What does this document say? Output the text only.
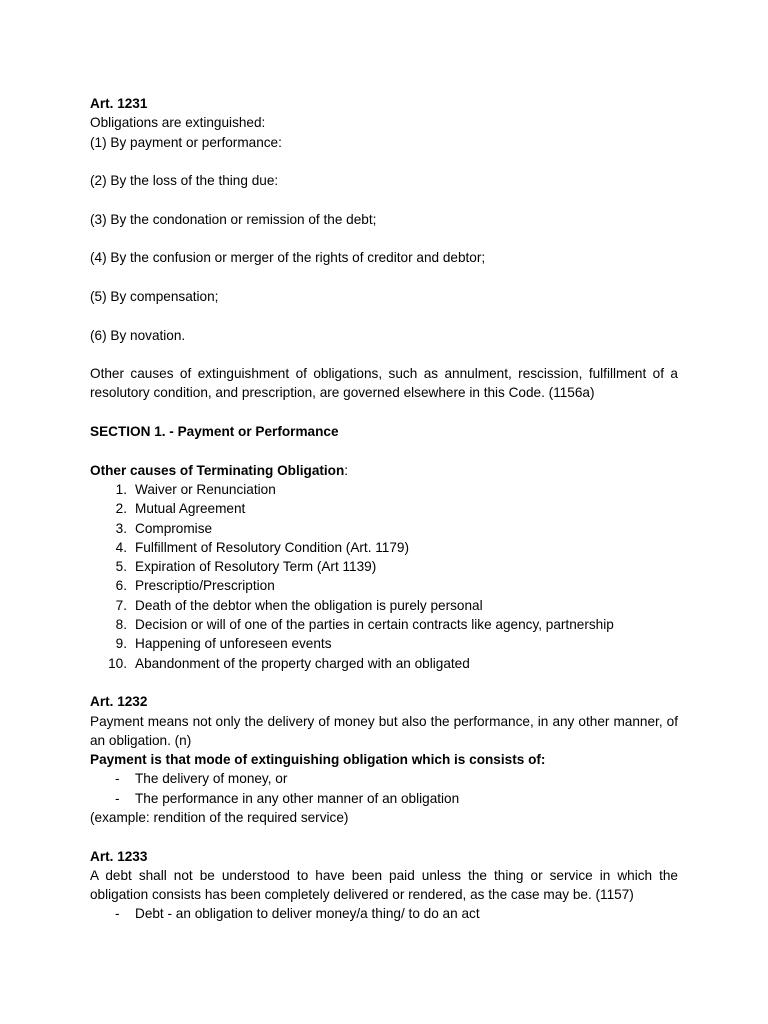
Art. 1231

Obligations are extinguished:

(1) By payment or performance:

(2) By the loss of the thing due:

(3) By the condonation or remission of the debt;

(4) By the confusion or merger of the rights of creditor and debtor;

(5) By compensation;

(6) By novation.

Other causes of extinguishment of obligations, such as annulment, rescission, fulfillment of a resolutory condition, and prescription, are governed elsewhere in this Code. (1156a)

SECTION 1. - Payment or Performance

Other causes of Terminating Obligation:

1. Waiver or Renunciation
2. Mutual Agreement
3. Compromise
4. Fulfillment of Resolutory Condition (Art. 1179)
5. Expiration of Resolutory Term (Art 1139)
6. Prescriptio/Prescription
7. Death of the debtor when the obligation is purely personal
8. Decision or will of one of the parties in certain contracts like agency, partnership
9. Happening of unforeseen events
10. Abandonment of the property charged with an obligated

Art. 1232

Payment means not only the delivery of money but also the performance, in any other manner, of an obligation. (n)

Payment is that mode of extinguishing obligation which is consists of:

- The delivery of money, or
- The performance in any other manner of an obligation

(example: rendition of the required service)

Art. 1233

A debt shall not be understood to have been paid unless the thing or service in which the obligation consists has been completely delivered or rendered, as the case may be. (1157)

- Debt - an obligation to deliver money/a thing/ to do an act
